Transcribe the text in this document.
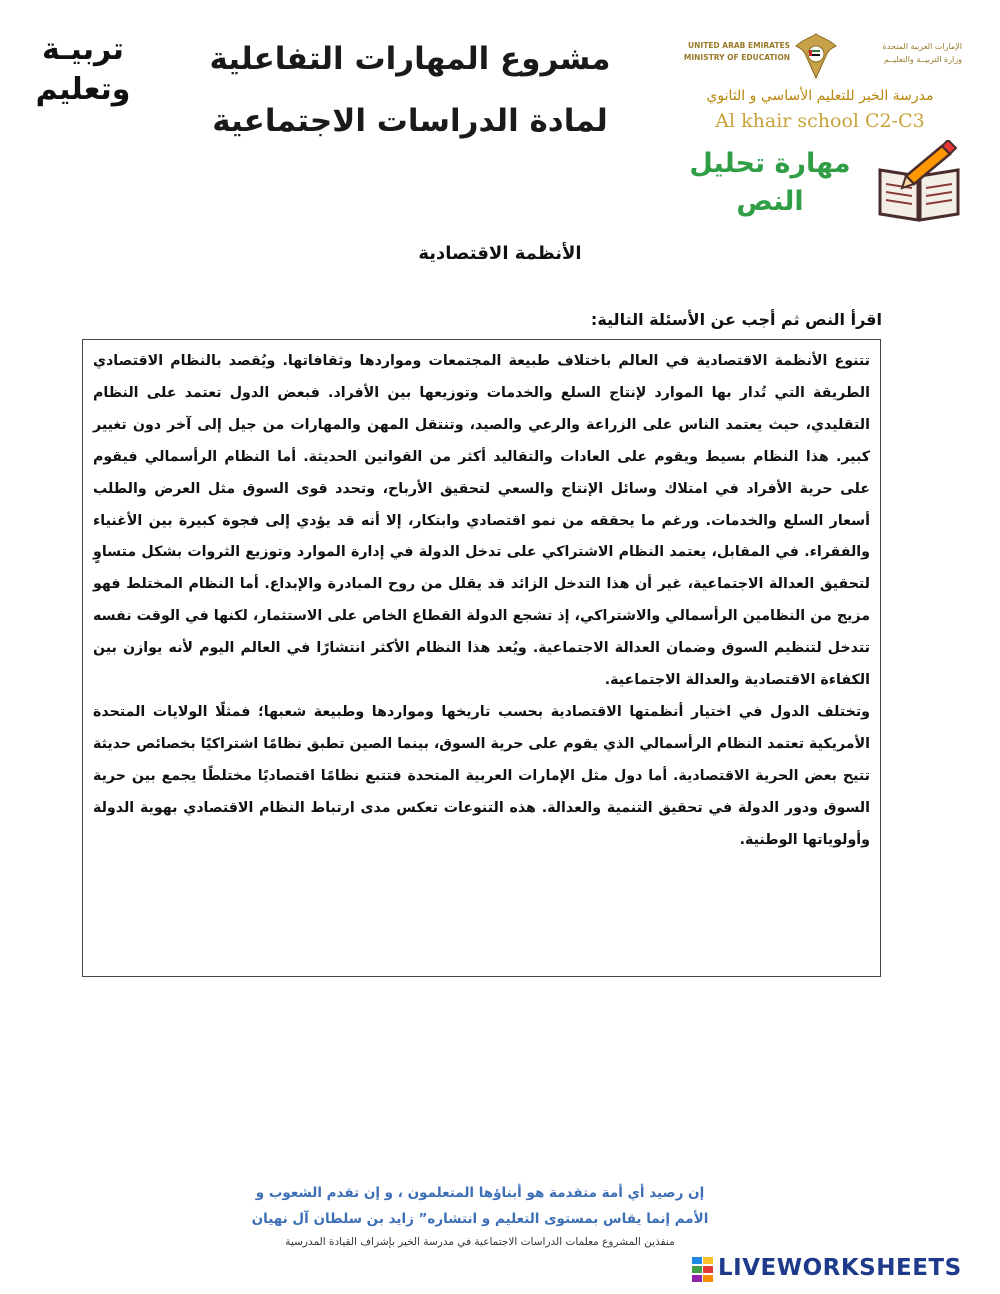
تربيـة
وتعليم
مشروع المهارات التفاعلية
لمادة الدراسات الاجتماعية
UNITED ARAB EMIRATES
MINISTRY OF EDUCATION
الإمارات العربية المتحدة
وزارة التربيــة والتعليــم
مدرسة الخير للتعليم الأساسي و الثانوي
Al khair school C2-C3
مهارة تحليل
النص
الأنظمة الاقتصادية
اقرأ النص ثم أجب عن الأسئلة التالية:

تتنوع الأنظمة الاقتصادية في العالم باختلاف طبيعة المجتمعات ومواردها وثقافاتها. ويُقصد بالنظام الاقتصادي الطريقة التي تُدار بها الموارد لإنتاج السلع والخدمات وتوزيعها بين الأفراد. فبعض الدول تعتمد على النظام التقليدي، حيث يعتمد الناس على الزراعة والرعي والصيد، وتنتقل المهن والمهارات من جيل إلى آخر دون تغيير كبير. هذا النظام بسيط ويقوم على العادات والتقاليد أكثر من القوانين الحديثة. أما النظام الرأسمالي فيقوم على حرية الأفراد في امتلاك وسائل الإنتاج والسعي لتحقيق الأرباح، وتحدد قوى السوق مثل العرض والطلب أسعار السلع والخدمات. ورغم ما يحققه من نمو اقتصادي وابتكار، إلا أنه قد يؤدي إلى فجوة كبيرة بين الأغنياء والفقراء. في المقابل، يعتمد النظام الاشتراكي على تدخل الدولة في إدارة الموارد وتوزيع الثروات بشكل متساوٍ لتحقيق العدالة الاجتماعية، غير أن هذا التدخل الزائد قد يقلل من روح المبادرة والإبداع. أما النظام المختلط فهو مزيج من النظامين الرأسمالي والاشتراكي، إذ تشجع الدولة القطاع الخاص على الاستثمار، لكنها في الوقت نفسه تتدخل لتنظيم السوق وضمان العدالة الاجتماعية. ويُعد هذا النظام الأكثر انتشارًا في العالم اليوم لأنه يوازن بين الكفاءة الاقتصادية والعدالة الاجتماعية.

وتختلف الدول في اختيار أنظمتها الاقتصادية بحسب تاريخها ومواردها وطبيعة شعبها؛ فمثلًا الولايات المتحدة الأمريكية تعتمد النظام الرأسمالي الذي يقوم على حرية السوق، بينما الصين تطبق نظامًا اشتراكيًا بخصائص حديثة تتيح بعض الحرية الاقتصادية. أما دول مثل الإمارات العربية المتحدة فتتبع نظامًا اقتصاديًا مختلطًا يجمع بين حرية السوق ودور الدولة في تحقيق التنمية والعدالة. هذه التنوعات تعكس مدى ارتباط النظام الاقتصادي بهوية الدولة وأولوياتها الوطنية.

إن رصيد أي أمة متقدمة هو أبناؤها المتعلمون ، و إن تقدم الشعوب و
الأمم إنما يقاس بمستوى التعليم و انتشاره” زايد بن سلطان آل نهيان
منفذين المشروع معلمات الدراسات الاجتماعية في مدرسة الخير بإشراف القيادة المدرسية
LIVEWORKSHEETS
